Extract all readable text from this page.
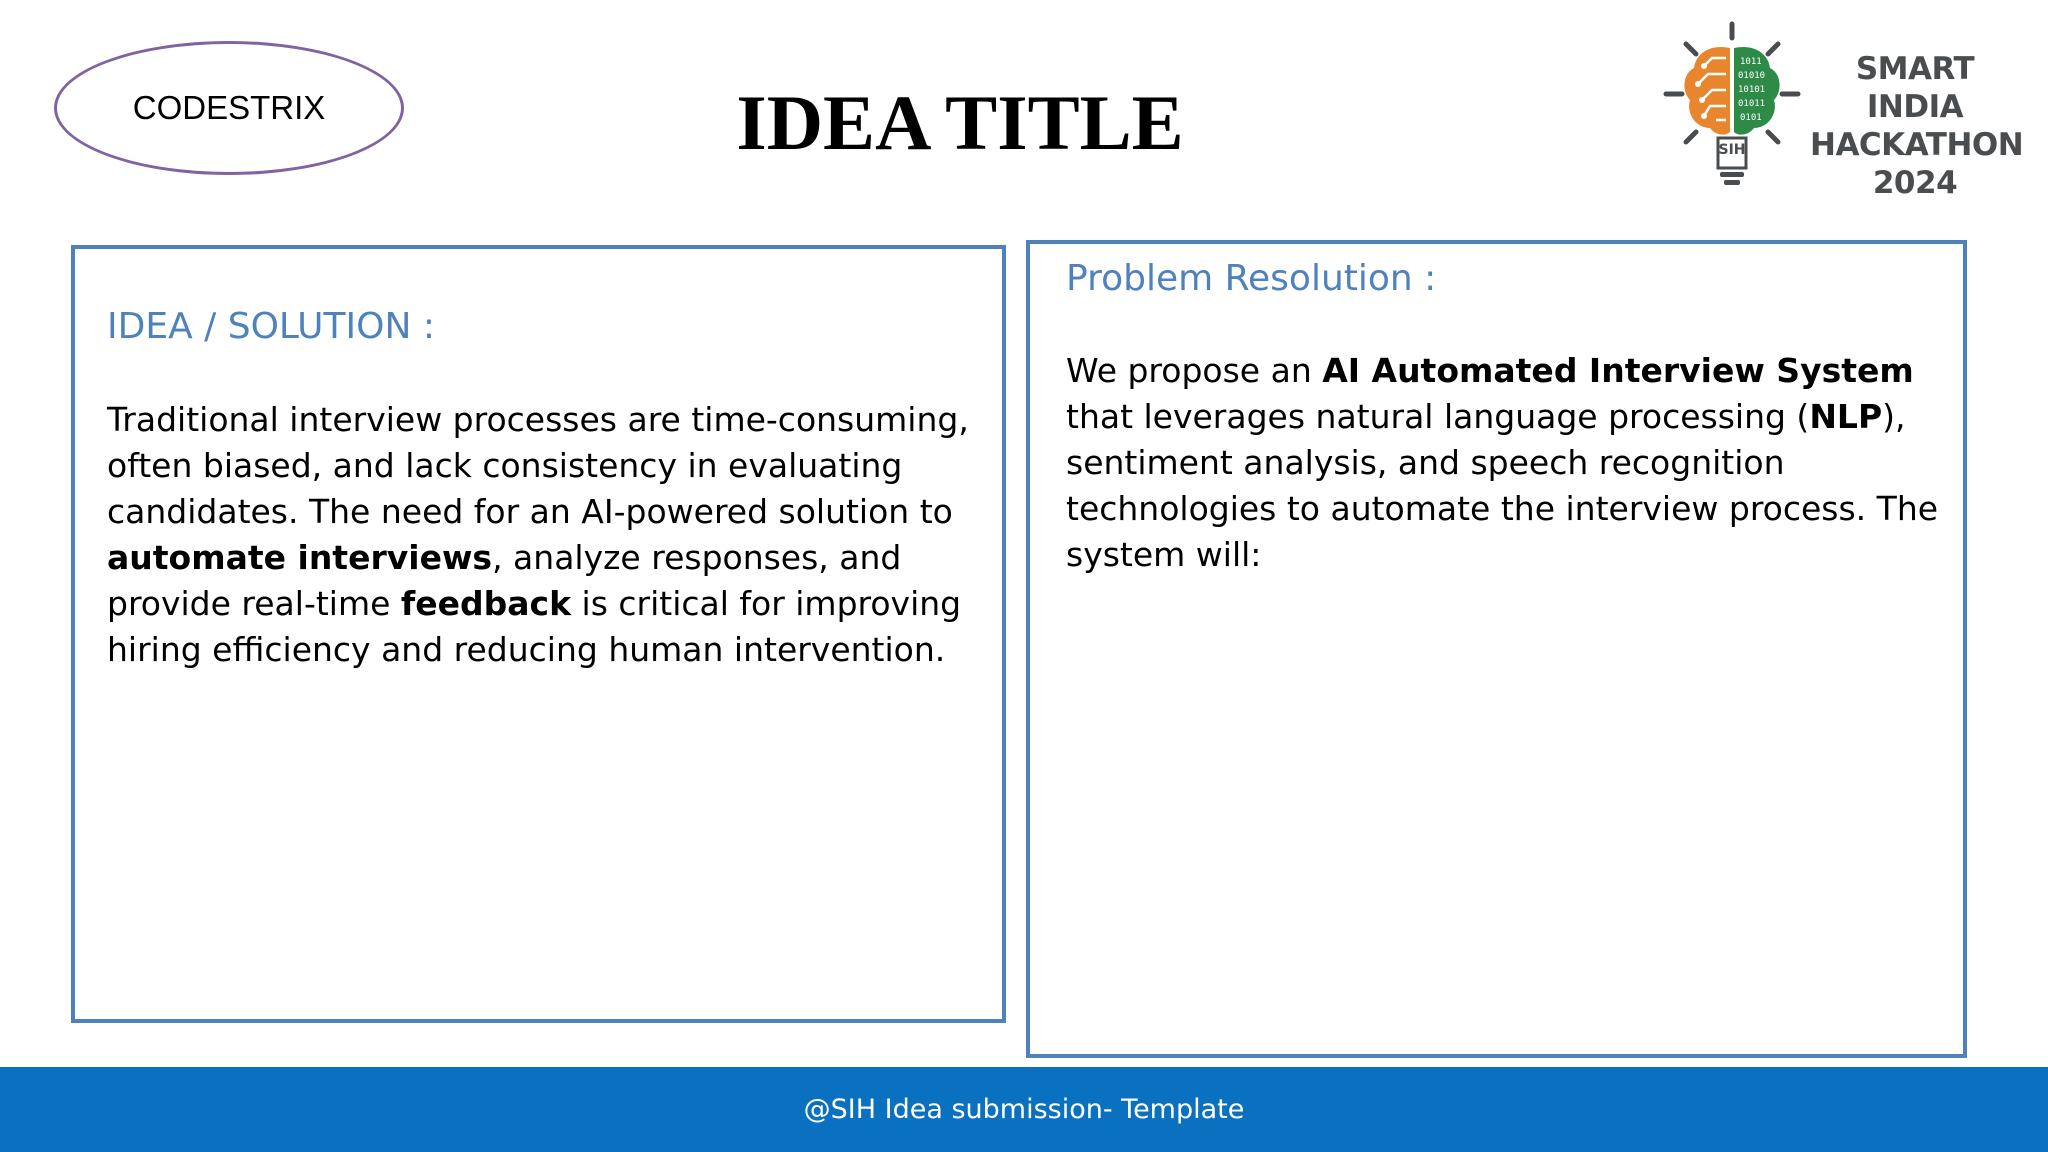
CODESTRIX	IDEA TITLE
1011
01010
10101
01011
0101
SIH
SMART INDIA
HACKATHON
2024
IDEA / SOLUTION :

Traditional interview processes are time-consuming, often biased, and lack consistency in evaluating candidates. The need for an AI-powered solution to automate interviews, analyze responses, and provide real-time feedback is critical for improving hiring efficiency and reducing human intervention.

Problem Resolution :

We propose an AI Automated Interview System that leverages natural language processing (NLP), sentiment analysis, and speech recognition technologies to automate the interview process. The system will:

@SIH Idea submission- Template
